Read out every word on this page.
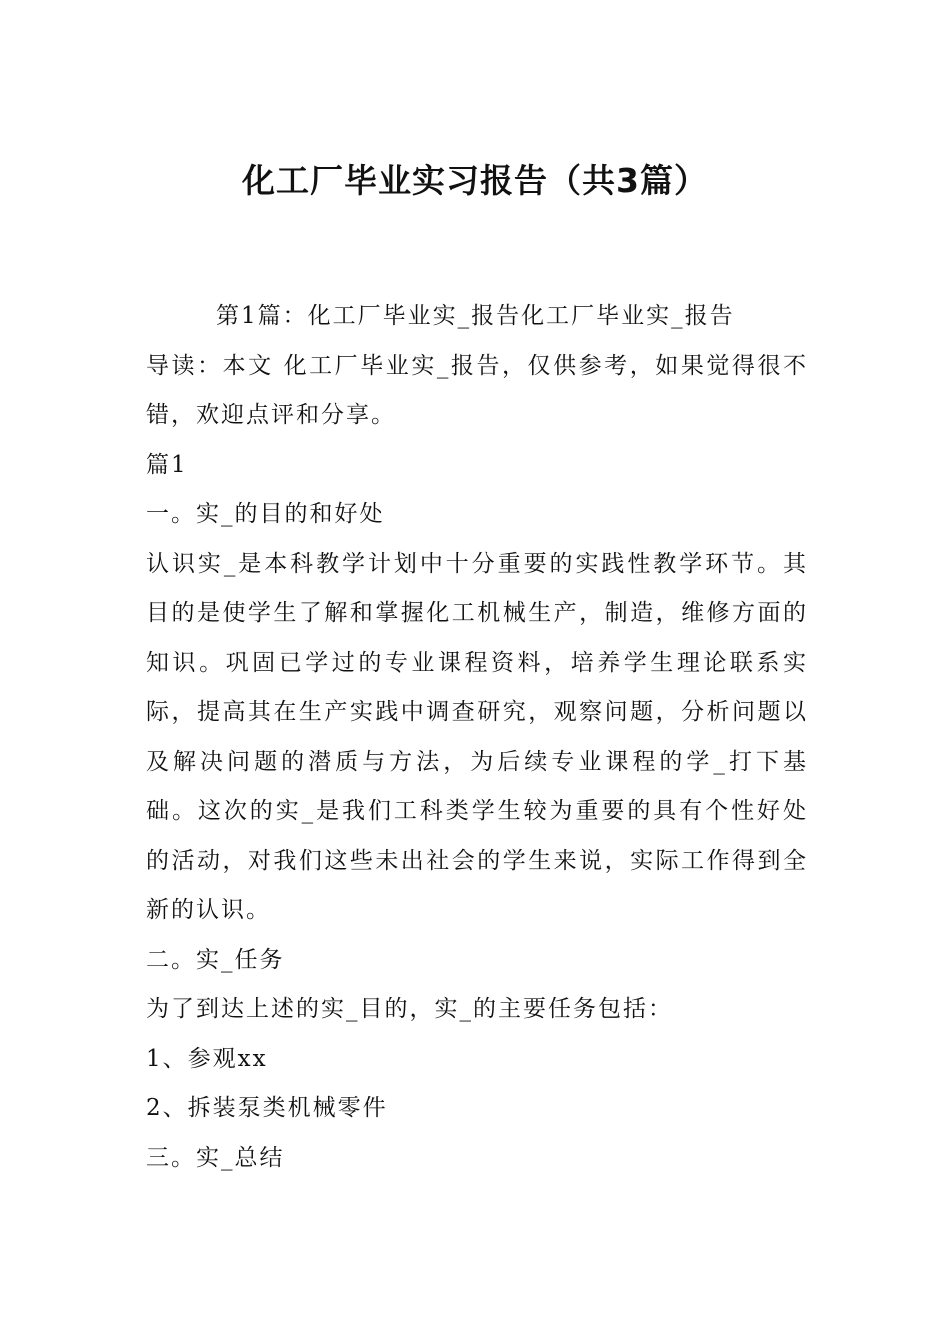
化工厂毕业实习报告（共3篇）

第1篇：化工厂毕业实_报告化工厂毕业实_报告

导读：本文 化工厂毕业实_报告，仅供参考，如果觉得很不错，欢迎点评和分享。

篇1

一。实_的目的和好处

认识实_是本科教学计划中十分重要的实践性教学环节。其目的是使学生了解和掌握化工机械生产，制造，维修方面的知识。巩固已学过的专业课程资料，培养学生理论联系实际，提高其在生产实践中调查研究，观察问题，分析问题以及解决问题的潜质与方法，为后续专业课程的学_打下基础。这次的实_是我们工科类学生较为重要的具有个性好处的活动，对我们这些未出社会的学生来说，实际工作得到全新的认识。

二。实_任务

为了到达上述的实_目的，实_的主要任务包括：

1、参观xx

2、拆装泵类机械零件

三。实_总结
